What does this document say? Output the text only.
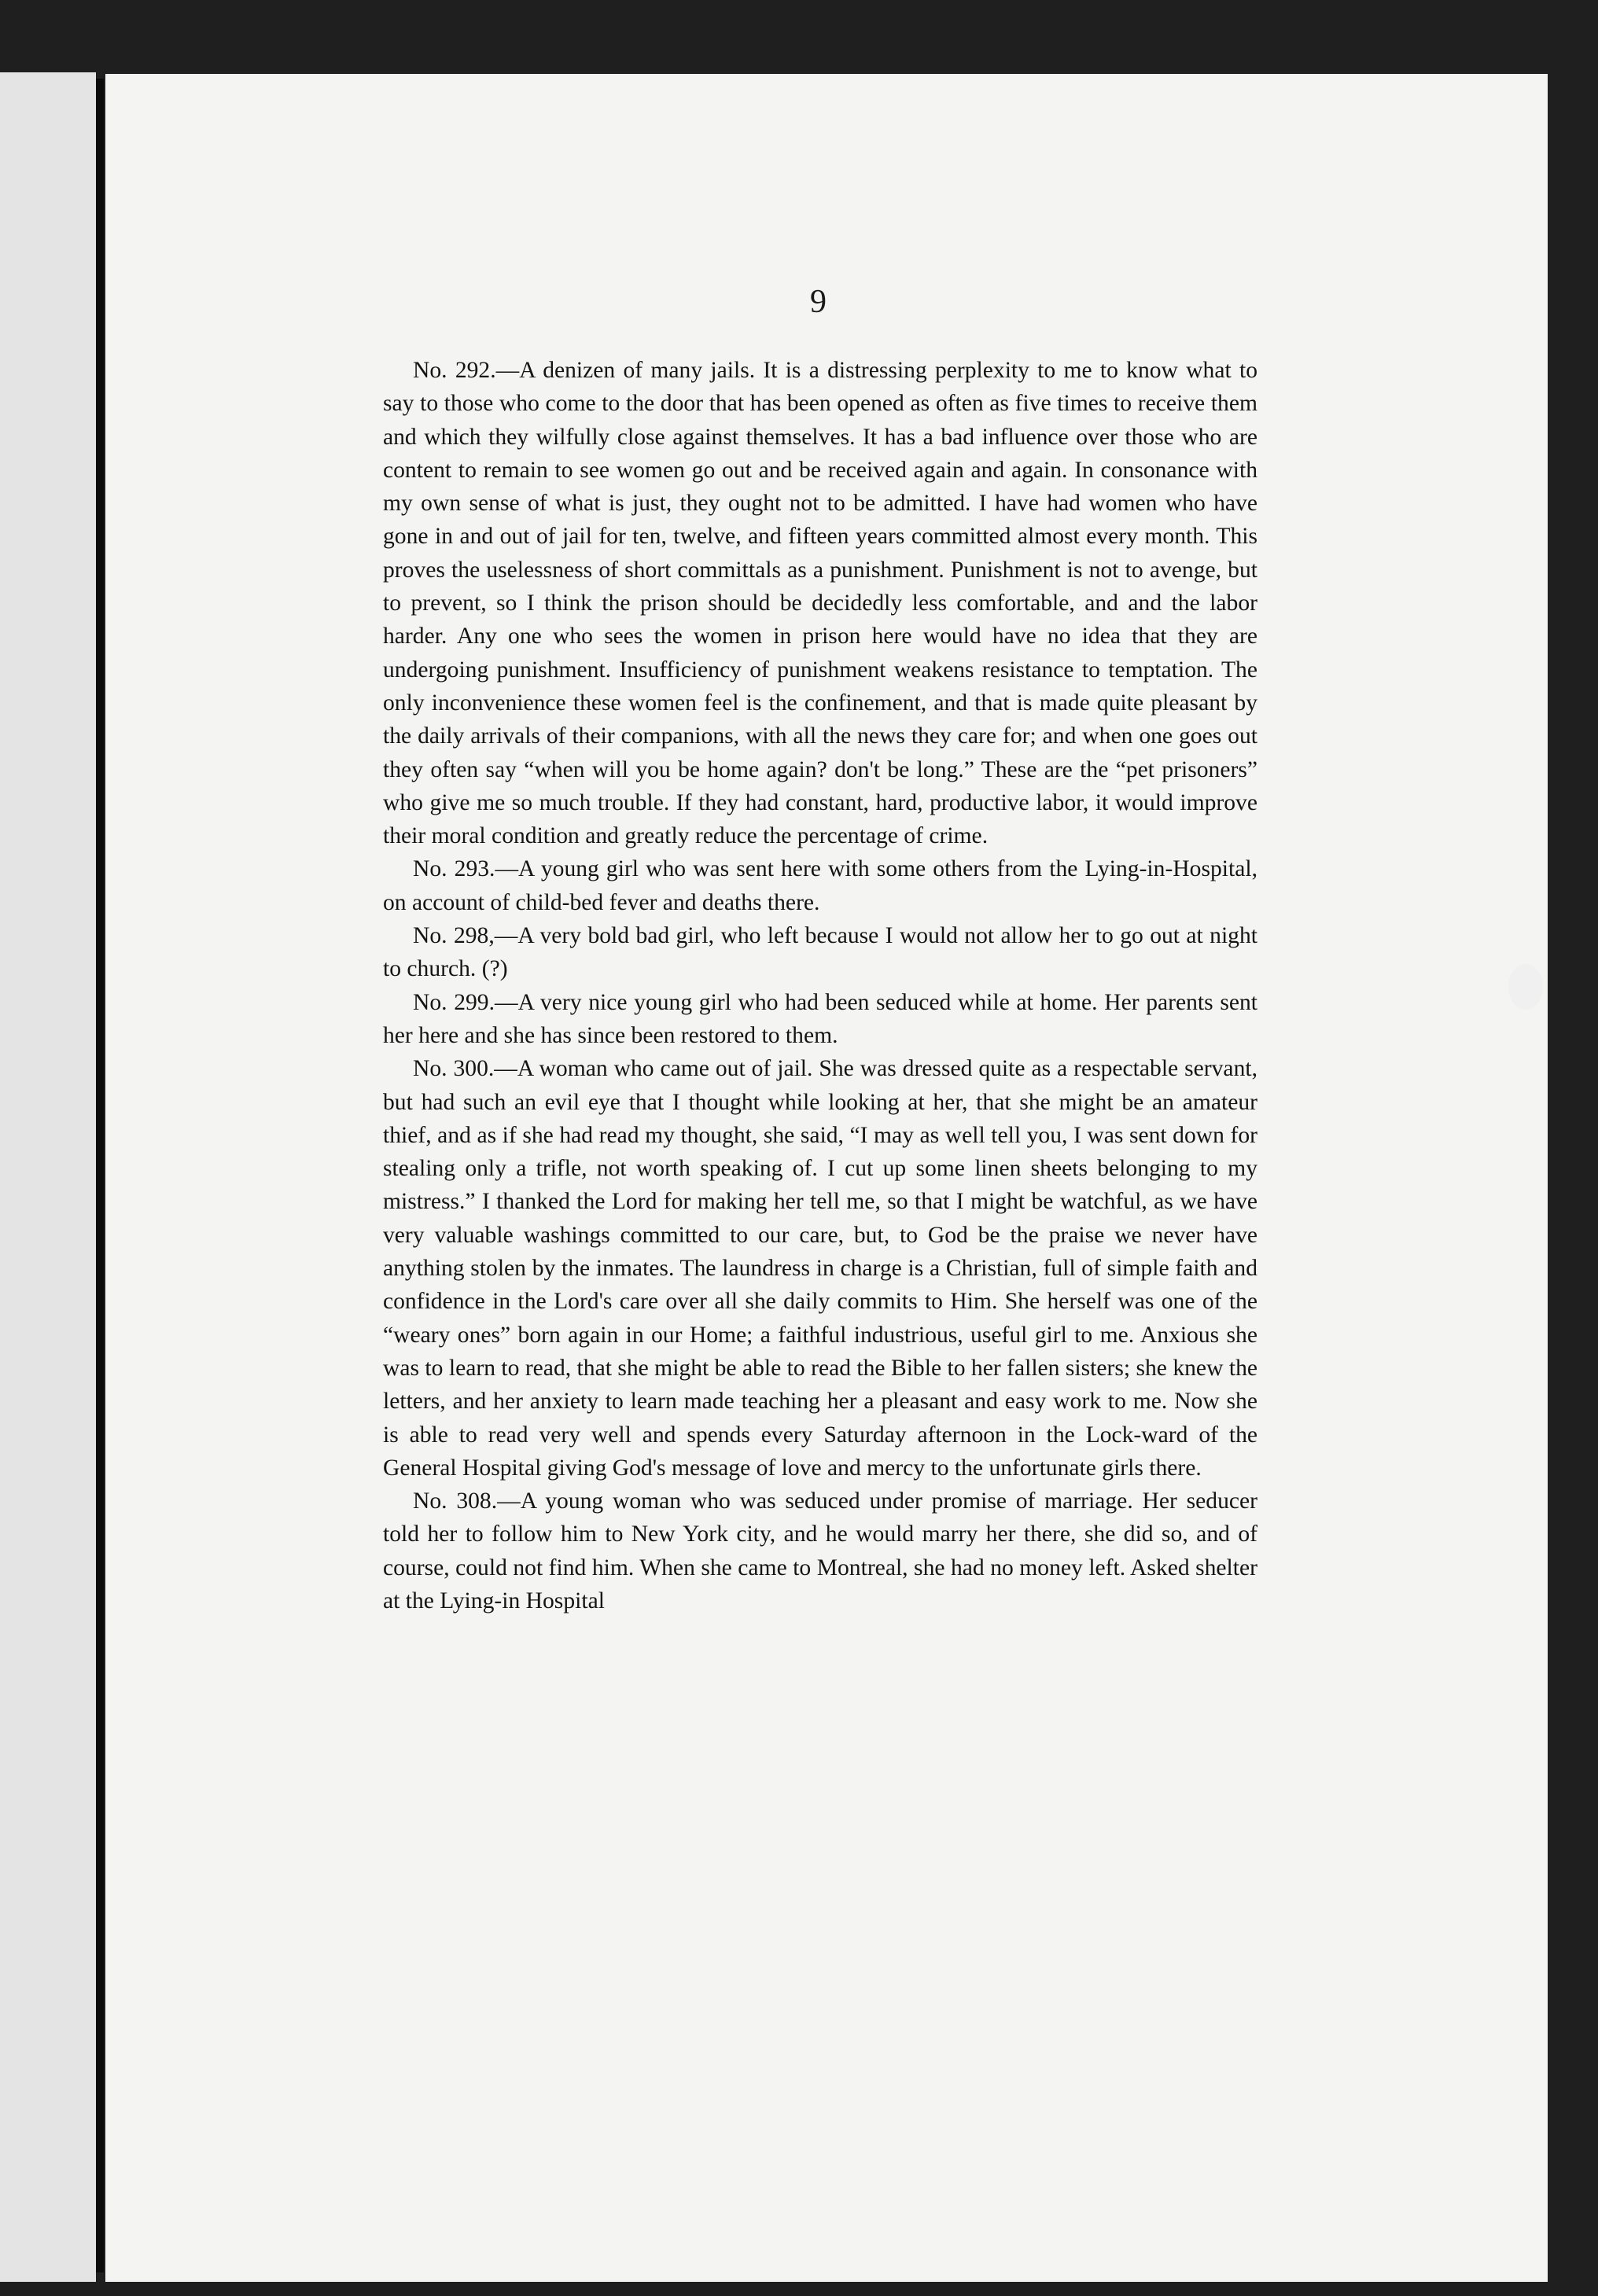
9

No. 292.—A denizen of many jails. It is a distressing perplexity to me to know what to say to those who come to the door that has been opened as often as five times to receive them and which they wilfully close against themselves. It has a bad influence over those who are content to remain to see women go out and be received again and again. In consonance with my own sense of what is just, they ought not to be admitted. I have had women who have gone in and out of jail for ten, twelve, and fifteen years committed almost every month. This proves the uselessness of short committals as a punishment. Punishment is not to avenge, but to prevent, so I think the prison should be decidedly less comfortable, and and the labor harder. Any one who sees the women in prison here would have no idea that they are undergoing punishment. Insufficiency of punishment weakens resistance to temptation. The only inconvenience these women feel is the confinement, and that is made quite pleasant by the daily arrivals of their companions, with all the news they care for; and when one goes out they often say “when will you be home again? don't be long.” These are the “pet prisoners” who give me so much trouble. If they had constant, hard, productive labor, it would improve their moral condition and greatly reduce the percentage of crime.

No. 293.—A young girl who was sent here with some others from the Lying-in-Hospital, on account of child-bed fever and deaths there.

No. 298,—A very bold bad girl, who left because I would not allow her to go out at night to church. (?)

No. 299.—A very nice young girl who had been seduced while at home. Her parents sent her here and she has since been restored to them.

No. 300.—A woman who came out of jail. She was dressed quite as a respectable servant, but had such an evil eye that I thought while looking at her, that she might be an amateur thief, and as if she had read my thought, she said, “I may as well tell you, I was sent down for stealing only a trifle, not worth speaking of. I cut up some linen sheets belonging to my mistress.” I thanked the Lord for making her tell me, so that I might be watchful, as we have very valuable washings committed to our care, but, to God be the praise we never have anything stolen by the inmates. The laundress in charge is a Christian, full of simple faith and confidence in the Lord's care over all she daily commits to Him. She herself was one of the “weary ones” born again in our Home; a faithful industrious, useful girl to me. Anxious she was to learn to read, that she might be able to read the Bible to her fallen sisters; she knew the letters, and her anxiety to learn made teaching her a pleasant and easy work to me. Now she is able to read very well and spends every Saturday afternoon in the Lock-ward of the General Hospital giving God's message of love and mercy to the unfortunate girls there.

No. 308.—A young woman who was seduced under promise of marriage. Her seducer told her to follow him to New York city, and he would marry her there, she did so, and of course, could not find him. When she came to Montreal, she had no money left. Asked shelter at the Lying-in Hospital
